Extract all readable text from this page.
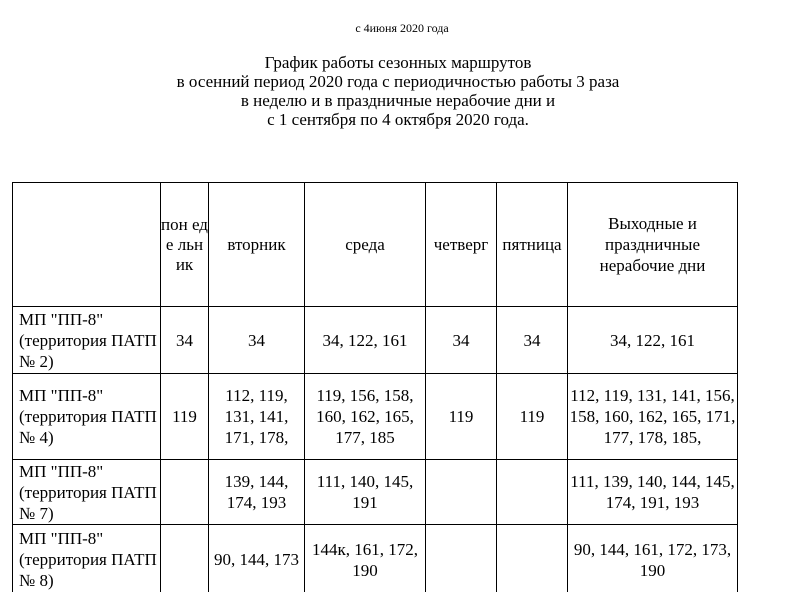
с 4июня 2020 года
График работы сезонных маршрутов
в осенний период 2020 года с периодичностью работы 3 раза
в неделю и в праздничные нерабочие дни и
с 1 сентября по 4 октября 2020 года.
	пон еде льн ик	вторник	среда	четверг	пятница	Выходные и праздничные нерабочие дни
МП "ПП-8" (территория ПАТП № 2)	34	34	34, 122, 161	34	34	34, 122, 161
МП "ПП-8" (территория ПАТП № 4)	119	112, 119, 131, 141, 171, 178,	119, 156, 158, 160, 162, 165, 177, 185	119	119	112, 119, 131, 141, 156, 158, 160, 162, 165, 171, 177, 178, 185,
МП "ПП-8" (территория ПАТП № 7)		139, 144, 174, 193	111, 140, 145, 191			111, 139, 140, 144, 145, 174, 191, 193
МП "ПП-8" (территория ПАТП № 8)		90, 144, 173	144к, 161, 172, 190			90, 144, 161, 172, 173, 190
